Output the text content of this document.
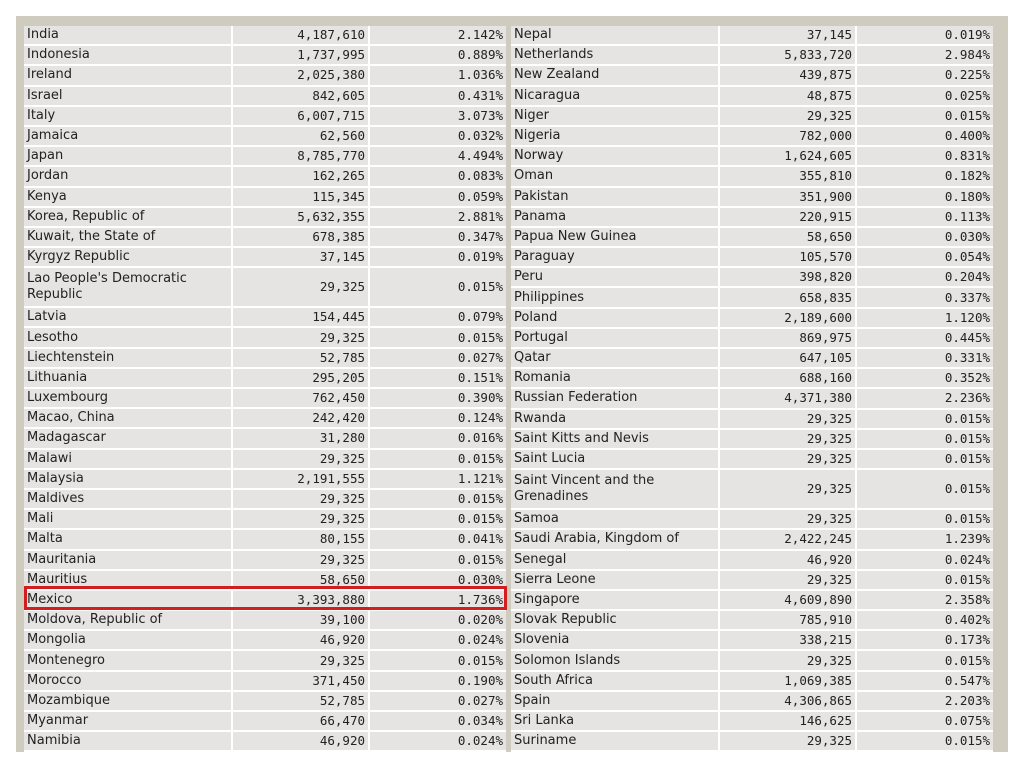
India	4,187,610	2.142%
Indonesia	1,737,995	0.889%
Ireland	2,025,380	1.036%
Israel	842,605	0.431%
Italy	6,007,715	3.073%
Jamaica	62,560	0.032%
Japan	8,785,770	4.494%
Jordan	162,265	0.083%
Kenya	115,345	0.059%
Korea, Republic of	5,632,355	2.881%
Kuwait, the State of	678,385	0.347%
Kyrgyz Republic	37,145	0.019%
Lao People's Democratic Republic	29,325	0.015%
Latvia	154,445	0.079%
Lesotho	29,325	0.015%
Liechtenstein	52,785	0.027%
Lithuania	295,205	0.151%
Luxembourg	762,450	0.390%
Macao, China	242,420	0.124%
Madagascar	31,280	0.016%
Malawi	29,325	0.015%
Malaysia	2,191,555	1.121%
Maldives	29,325	0.015%
Mali	29,325	0.015%
Malta	80,155	0.041%
Mauritania	29,325	0.015%
Mauritius	58,650	0.030%
Mexico	3,393,880	1.736%
Moldova, Republic of	39,100	0.020%
Mongolia	46,920	0.024%
Montenegro	29,325	0.015%
Morocco	371,450	0.190%
Mozambique	52,785	0.027%
Myanmar	66,470	0.034%
Namibia	46,920	0.024%
Nepal	37,145	0.019%
Netherlands	5,833,720	2.984%
New Zealand	439,875	0.225%
Nicaragua	48,875	0.025%
Niger	29,325	0.015%
Nigeria	782,000	0.400%
Norway	1,624,605	0.831%
Oman	355,810	0.182%
Pakistan	351,900	0.180%
Panama	220,915	0.113%
Papua New Guinea	58,650	0.030%
Paraguay	105,570	0.054%
Peru	398,820	0.204%
Philippines	658,835	0.337%
Poland	2,189,600	1.120%
Portugal	869,975	0.445%
Qatar	647,105	0.331%
Romania	688,160	0.352%
Russian Federation	4,371,380	2.236%
Rwanda	29,325	0.015%
Saint Kitts and Nevis	29,325	0.015%
Saint Lucia	29,325	0.015%
Saint Vincent and the Grenadines	29,325	0.015%
Samoa	29,325	0.015%
Saudi Arabia, Kingdom of	2,422,245	1.239%
Senegal	46,920	0.024%
Sierra Leone	29,325	0.015%
Singapore	4,609,890	2.358%
Slovak Republic	785,910	0.402%
Slovenia	338,215	0.173%
Solomon Islands	29,325	0.015%
South Africa	1,069,385	0.547%
Spain	4,306,865	2.203%
Sri Lanka	146,625	0.075%
Suriname	29,325	0.015%
